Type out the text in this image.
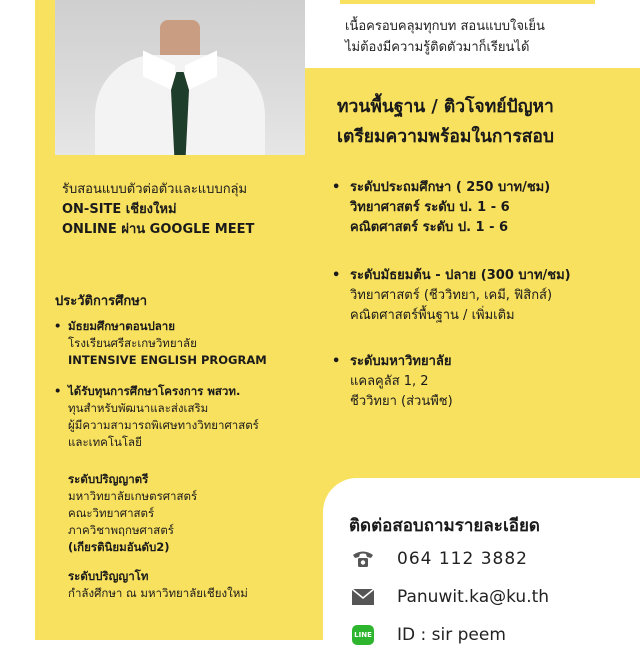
เนื้อครอบคลุมทุกบท สอนแบบใจเย็น
ไม่ต้องมีความรู้ติดตัวมาก็เรียนได้
ทวนพื้นฐาน / ติวโจทย์ปัญหา
เตรียมความพร้อมในการสอบ
รับสอนแบบตัวต่อตัวและแบบกลุ่ม
ON-SITE เชียงใหม่
ONLINE ผ่าน GOOGLE MEET
ประวัติการศึกษา
• มัธยมศึกษาตอนปลาย
โรงเรียนศรีสะเกษวิทยาลัย
INTENSIVE ENGLISH PROGRAM
• ได้รับทุนการศึกษาโครงการ พสวท.
ทุนสำหรับพัฒนาและส่งเสริม
ผู้มีความสามารถพิเศษทางวิทยาศาสตร์
และเทคโนโลยี
ระดับปริญญาตรี
มหาวิทยาลัยเกษตรศาสตร์
คณะวิทยาศาสตร์
ภาควิชาพฤกษศาสตร์
(เกียรตินิยมอันดับ2)
ระดับปริญญาโท
กำลังศึกษา ณ มหาวิทยาลัยเชียงใหม่
• ระดับประถมศึกษา ( 250 บาท/ชม)
วิทยาศาสตร์ ระดับ ป. 1 - 6
คณิตศาสตร์ ระดับ ป. 1 - 6
• ระดับมัธยมต้น - ปลาย (300 บาท/ชม)
วิทยาศาสตร์ (ชีววิทยา, เคมี, ฟิสิกส์)
คณิตศาสตร์พื้นฐาน / เพิ่มเติม
• ระดับมหาวิทยาลัย
แคลคูลัส 1, 2
ชีววิทยา (ส่วนพืช)
ติดต่อสอบถามรายละเอียด
064 112 3882
Panuwit.ka@ku.th
LINE ID : sir peem
